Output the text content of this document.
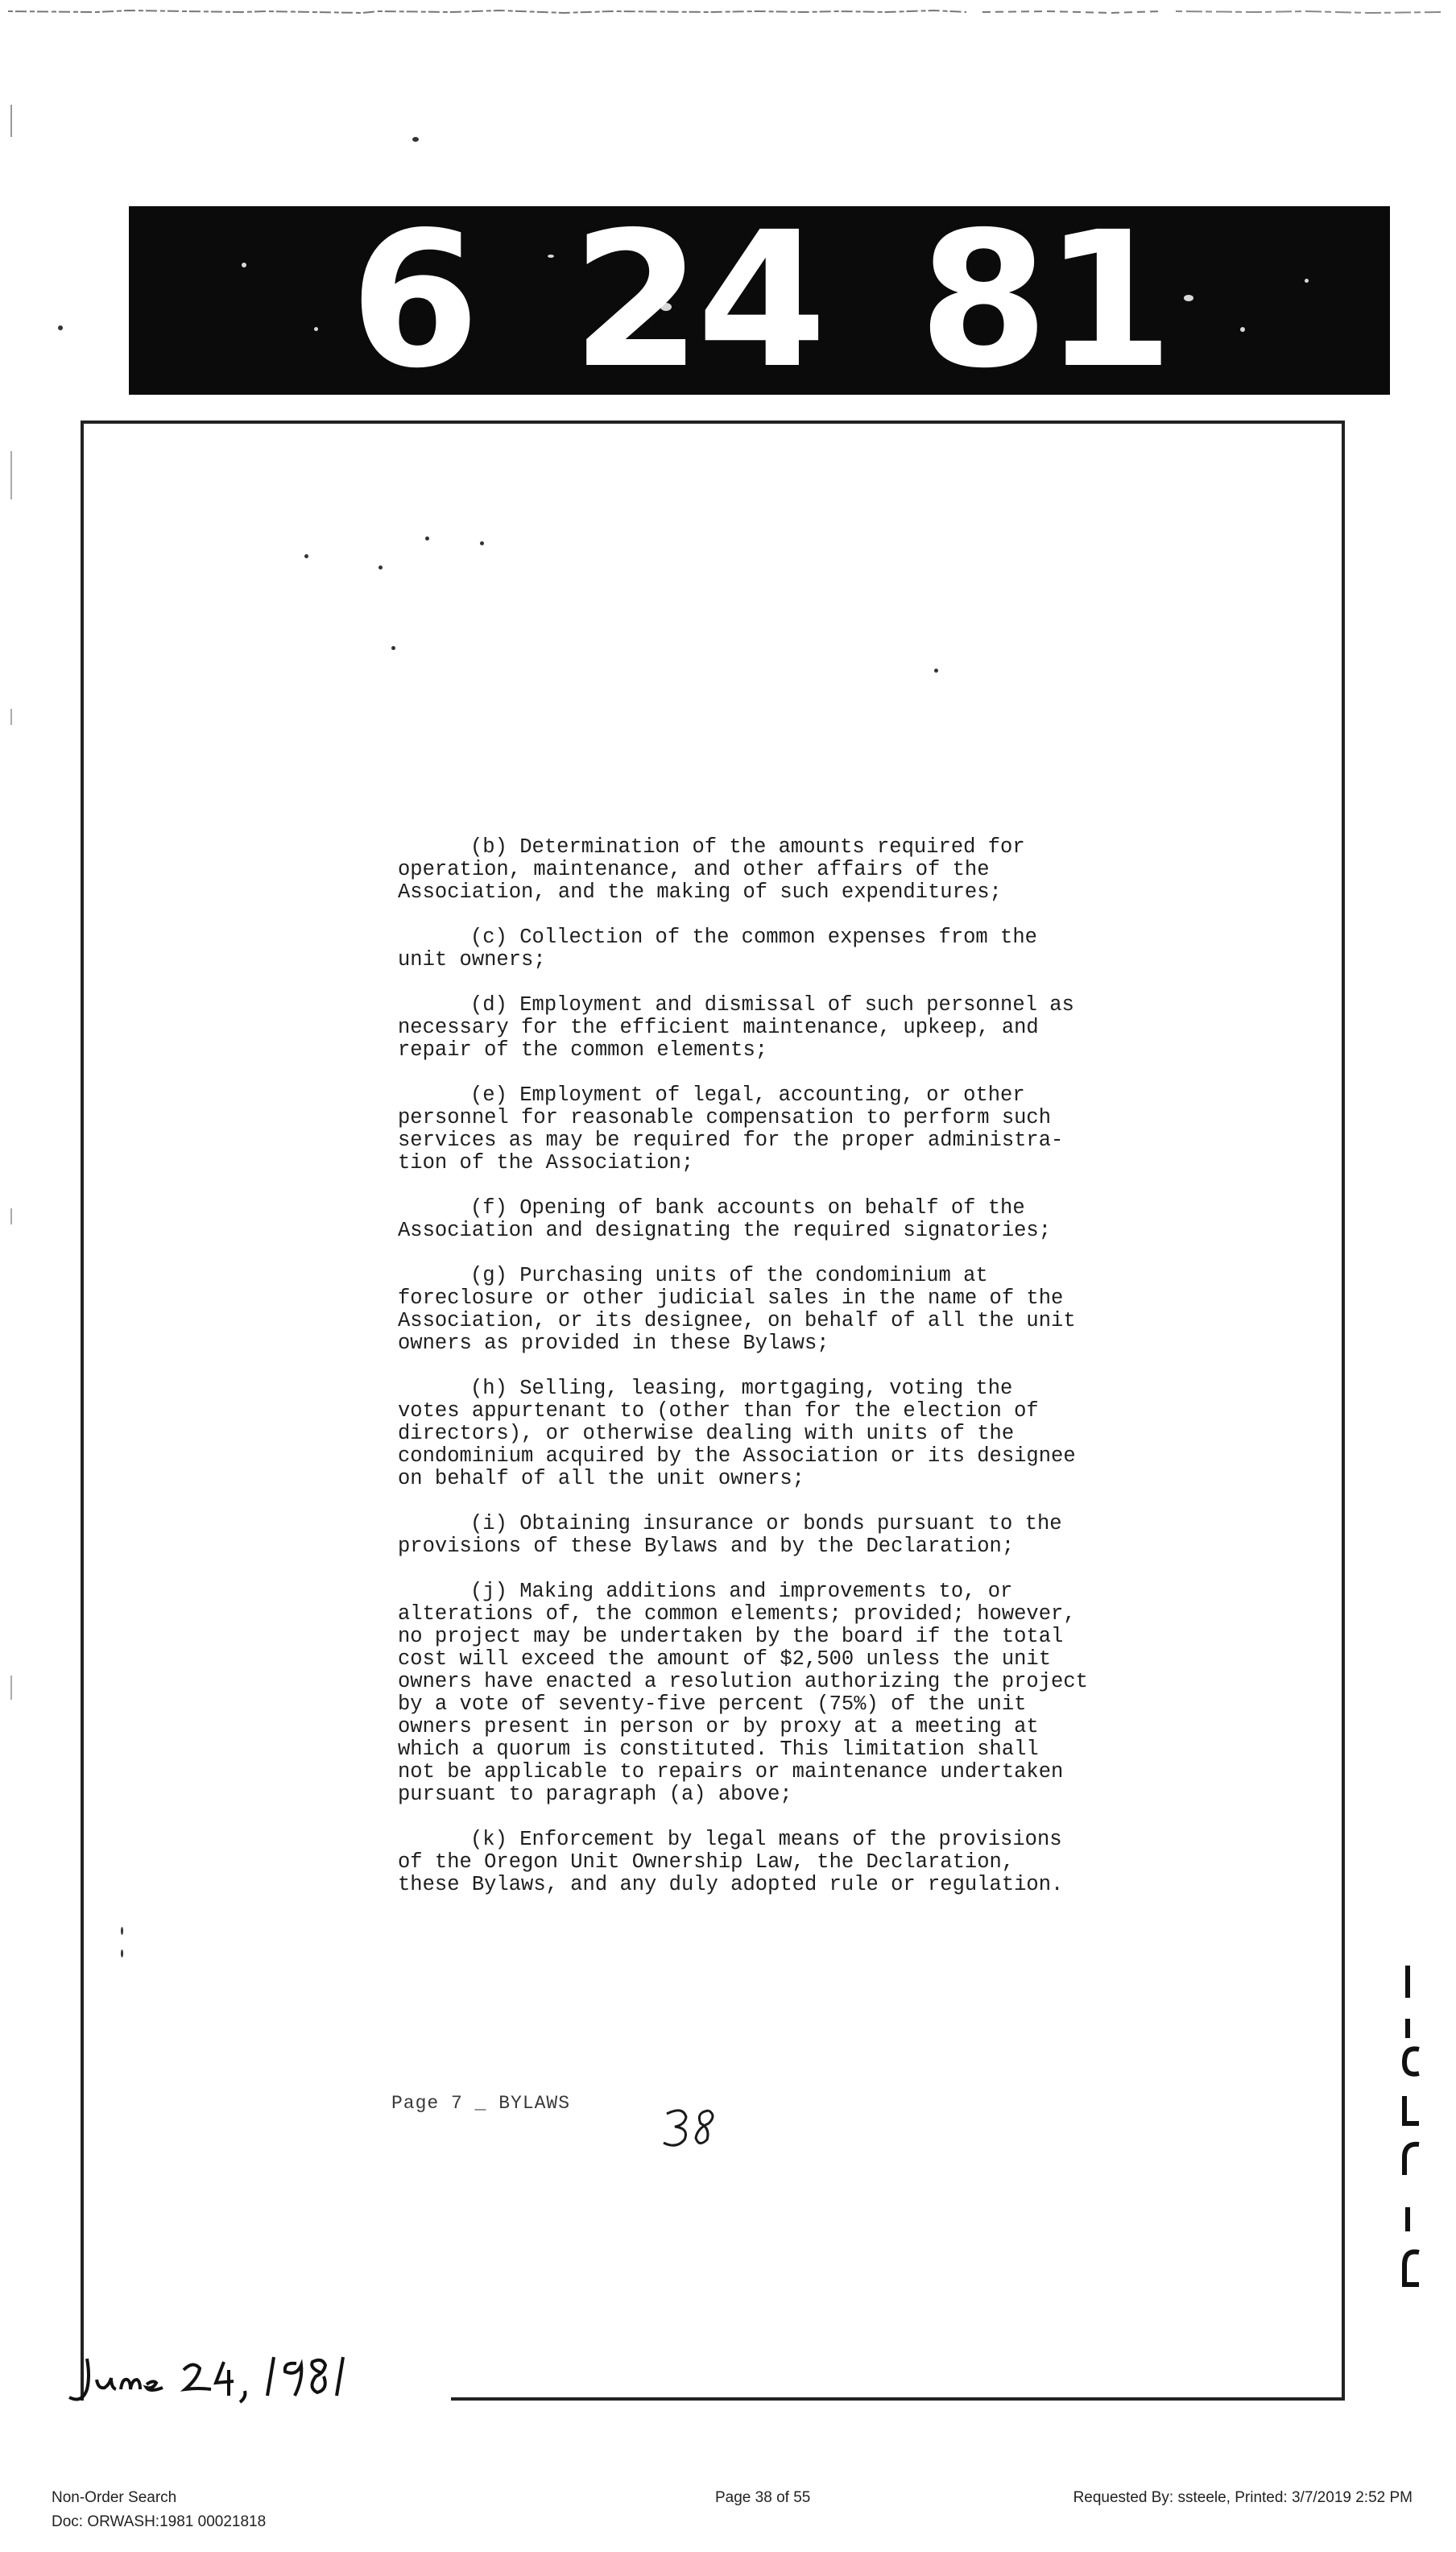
6 24 81

(b) Determination of the amounts required for
operation, maintenance, and other affairs of the
Association, and the making of such expenditures;

(c) Collection of the common expenses from the
unit owners;

(d) Employment and dismissal of such personnel as
necessary for the efficient maintenance, upkeep, and
repair of the common elements;

(e) Employment of legal, accounting, or other
personnel for reasonable compensation to perform such
services as may be required for the proper administra-
tion of the Association;

(f) Opening of bank accounts on behalf of the
Association and designating the required signatories;

(g) Purchasing units of the condominium at
foreclosure or other judicial sales in the name of the
Association, or its designee, on behalf of all the unit
owners as provided in these Bylaws;

(h) Selling, leasing, mortgaging, voting the
votes appurtenant to (other than for the election of
directors), or otherwise dealing with units of the
condominium acquired by the Association or its designee
on behalf of all the unit owners;

(i) Obtaining insurance or bonds pursuant to the
provisions of these Bylaws and by the Declaration;

(j) Making additions and improvements to, or
alterations of, the common elements; provided; however,
no project may be undertaken by the board if the total
cost will exceed the amount of $2,500 unless the unit
owners have enacted a resolution authorizing the project
by a vote of seventy-five percent (75%) of the unit
owners present in person or by proxy at a meeting at
which a quorum is constituted. This limitation shall
not be applicable to repairs or maintenance undertaken
pursuant to paragraph (a) above;

(k) Enforcement by legal means of the provisions
of the Oregon Unit Ownership Law, the Declaration,
these Bylaws, and any duly adopted rule or regulation.

Page 7 _ BYLAWS
Non-Order Search
Doc: ORWASH:1981 00021818
Page 38 of 55	Requested By: ssteele, Printed: 3/7/2019 2:52 PM
